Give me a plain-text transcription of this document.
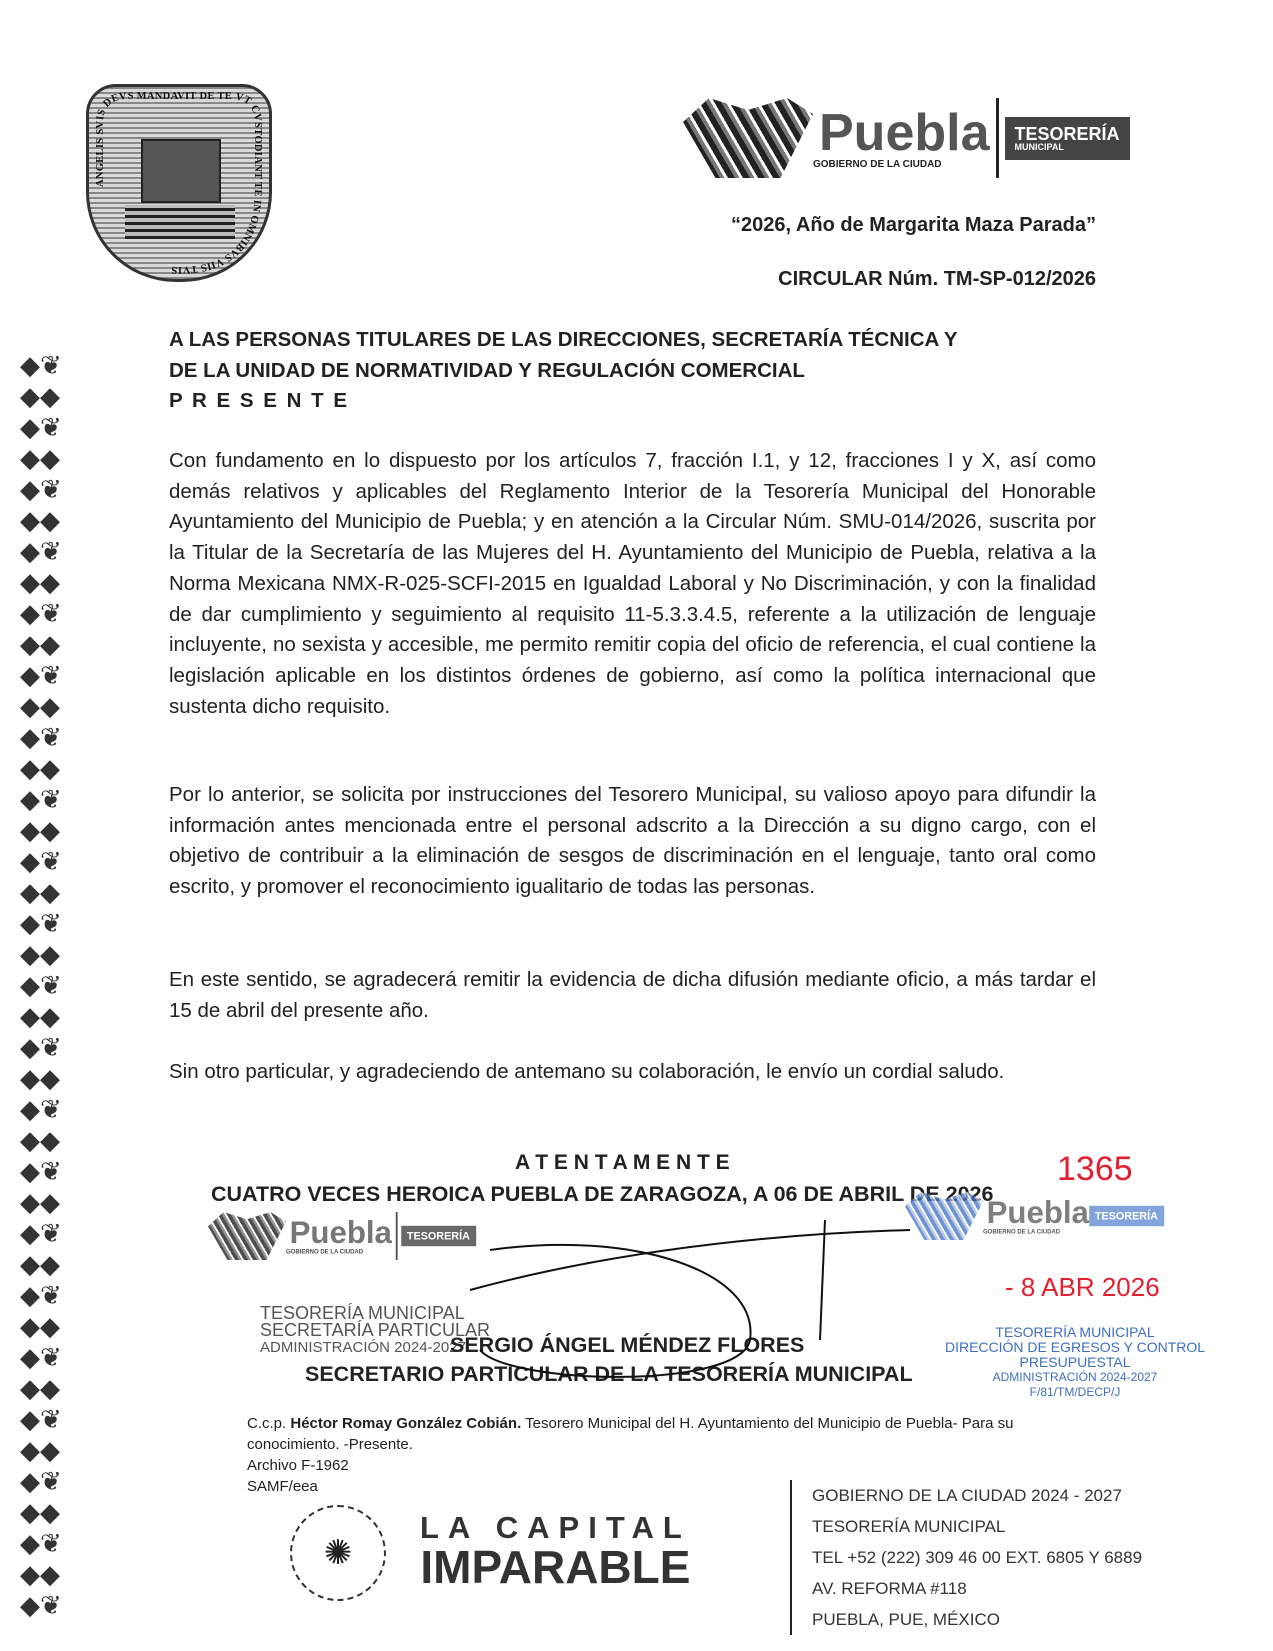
◆❦
◆◆
◆❦
◆◆
◆❦
◆◆
◆❦
◆◆
◆❦
◆◆
◆❦
◆◆
◆❦
◆◆
◆❦
◆◆
◆❦
◆◆
◆❦
◆◆
◆❦
◆◆
◆❦
◆◆
◆❦
◆◆
◆❦
◆◆
◆❦
◆◆
◆❦
◆◆
◆❦
◆◆
◆❦
◆◆
◆❦
◆◆
◆❦
◆◆
◆❦
ANGELIS SVIS DEVS MANDAVIT DE TE VT CVSTODIANT TE IN OMNIBVS VIIS TVIS
Puebla
GOBIERNO DE LA CIUDAD
TESORERÍA
MUNICIPAL
“2026, Año de Margarita Maza Parada”
CIRCULAR Núm. TM-SP-012/2026
A LAS PERSONAS TITULARES DE LAS DIRECCIONES, SECRETARÍA TÉCNICA Y
DE LA UNIDAD DE NORMATIVIDAD Y REGULACIÓN COMERCIAL
P R E S E N T E
Con fundamento en lo dispuesto por los artículos 7, fracción I.1, y 12, fracciones I y X, así como demás relativos y aplicables del Reglamento Interior de la Tesorería Municipal del Honorable Ayuntamiento del Municipio de Puebla; y en atención a la Circular Núm. SMU-014/2026, suscrita por la Titular de la Secretaría de las Mujeres del H. Ayuntamiento del Municipio de Puebla, relativa a la Norma Mexicana NMX-R-025-SCFI-2015 en Igualdad Laboral y No Discriminación, y con la finalidad de dar cumplimiento y seguimiento al requisito 11-5.3.3.4.5, referente a la utilización de lenguaje incluyente, no sexista y accesible, me permito remitir copia del oficio de referencia, el cual contiene la legislación aplicable en los distintos órdenes de gobierno, así como la política internacional que sustenta dicho requisito.
Por lo anterior, se solicita por instrucciones del Tesorero Municipal, su valioso apoyo para difundir la información antes mencionada entre el personal adscrito a la Dirección a su digno cargo, con el objetivo de contribuir a la eliminación de sesgos de discriminación en el lenguaje, tanto oral como escrito, y promover el reconocimiento igualitario de todas las personas.
En este sentido, se agradecerá remitir la evidencia de dicha difusión mediante oficio, a más tardar el 15 de abril del presente año.
Sin otro particular, y agradeciendo de antemano su colaboración, le envío un cordial saludo.
A T E N T A M E N T E
CUATRO VECES HEROICA PUEBLA DE ZARAGOZA, A 06 DE ABRIL DE 2026
Puebla
GOBIERNO DE LA CIUDAD
TESORERÍA
TESORERÍA MUNICIPAL
SECRETARÍA PARTICULAR
ADMINISTRACIÓN 2024-2027
SERGIO ÁNGEL MÉNDEZ FLORES
SECRETARIO PARTICULAR DE LA TESORERÍA MUNICIPAL
1365
Puebla
GOBIERNO DE LA CIUDAD
TESORERÍA
- 8 ABR 2026
TESORERÍA MUNICIPAL
DIRECCIÓN DE EGRESOS Y CONTROL
PRESUPUESTAL
ADMINISTRACIÓN 2024-2027
F/81/TM/DECP/J
C.c.p. Héctor Romay González Cobián. Tesorero Municipal del H. Ayuntamiento del Municipio de Puebla- Para su conocimiento. -Presente.
Archivo F-1962
SAMF/eea
✺
LA CAPITAL
IMPARABLE
GOBIERNO DE LA CIUDAD 2024 - 2027
TESORERÍA MUNICIPAL
TEL +52 (222) 309 46 00 EXT. 6805 Y 6889
AV. REFORMA #118
PUEBLA, PUE, MÉXICO
